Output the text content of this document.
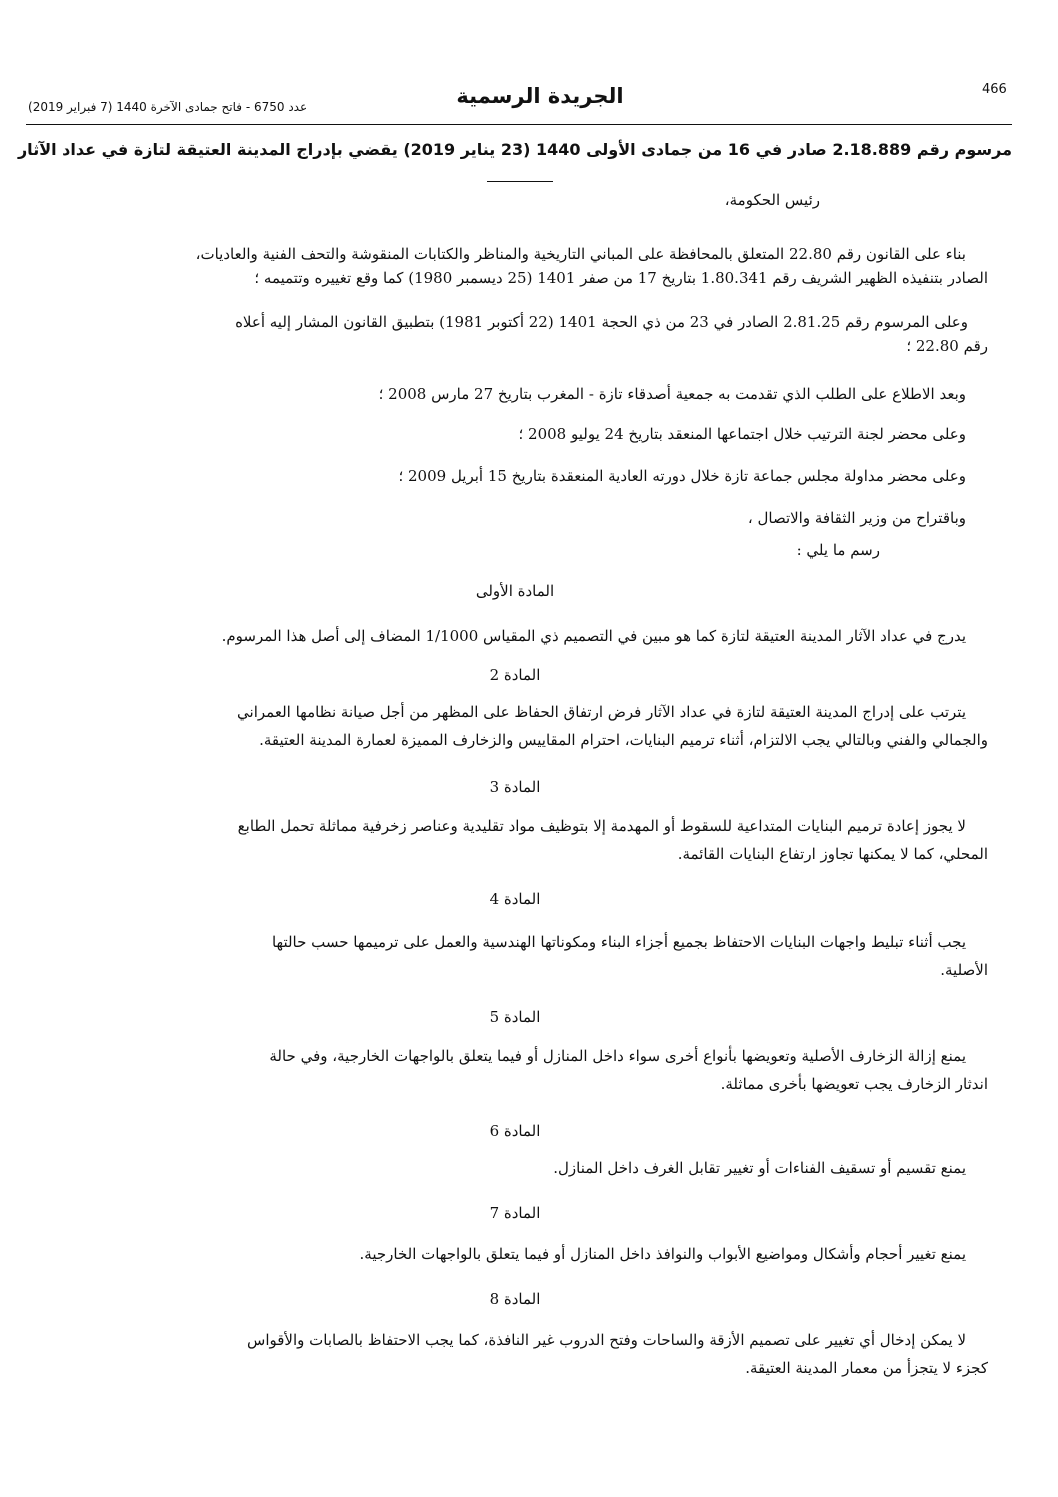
466
الجريدة الرسمية
عدد 6750 - فاتح جمادى الآخرة 1440 (7 فبراير 2019)
مرسوم رقم 2.18.889 صادر في 16 من جمادى الأولى 1440 (23 يناير 2019) يقضي بإدراج المدينة العتيقة لتازة في عداد الآثار
رئيس الحكومة،
بناء على القانون رقم 22.80 المتعلق بالمحافظة على المباني التاريخية والمناظر والكتابات المنقوشة والتحف الفنية والعاديات،
الصادر بتنفيذه الظهير الشريف رقم 1.80.341 بتاريخ 17 من صفر 1401 (25 ديسمبر 1980) كما وقع تغييره وتتميمه ؛
وعلى المرسوم رقم 2.81.25 الصادر في 23 من ذي الحجة 1401 (22 أكتوبر 1981) بتطبيق القانون المشار إليه أعلاه
رقم 22.80 ؛
وبعد الاطلاع على الطلب الذي تقدمت به جمعية أصدقاء تازة - المغرب بتاريخ 27 مارس 2008 ؛
وعلى محضر لجنة الترتيب خلال اجتماعها المنعقد بتاريخ 24 يوليو 2008 ؛
وعلى محضر مداولة مجلس جماعة تازة خلال دورته العادية المنعقدة بتاريخ 15 أبريل 2009 ؛
وباقتراح من وزير الثقافة والاتصال ،
رسم ما يلي :
المادة الأولى
يدرج في عداد الآثار المدينة العتيقة لتازة كما هو مبين في التصميم ذي المقياس 1/1000 المضاف إلى أصل هذا المرسوم.
المادة 2
يترتب على إدراج المدينة العتيقة لتازة في عداد الآثار فرض ارتفاق الحفاظ على المظهر من أجل صيانة نظامها العمراني
والجمالي والفني وبالتالي يجب الالتزام، أثناء ترميم البنايات، احترام المقاييس والزخارف المميزة لعمارة المدينة العتيقة.
المادة 3
لا يجوز إعادة ترميم البنايات المتداعية للسقوط أو المهدمة إلا بتوظيف مواد تقليدية وعناصر زخرفية مماثلة تحمل الطابع
المحلي، كما لا يمكنها تجاوز ارتفاع البنايات القائمة.
المادة 4
يجب أثناء تبليط واجهات البنايات الاحتفاظ بجميع أجزاء البناء ومكوناتها الهندسية والعمل على ترميمها حسب حالتها
الأصلية.
المادة 5
يمنع إزالة الزخارف الأصلية وتعويضها بأنواع أخرى سواء داخل المنازل أو فيما يتعلق بالواجهات الخارجية، وفي حالة
اندثار الزخارف يجب تعويضها بأخرى مماثلة.
المادة 6
يمنع تقسيم أو تسقيف الفناءات أو تغيير تقابل الغرف داخل المنازل.
المادة 7
يمنع تغيير أحجام وأشكال ومواضيع الأبواب والنوافذ داخل المنازل أو فيما يتعلق بالواجهات الخارجية.
المادة 8
لا يمكن إدخال أي تغيير على تصميم الأزقة والساحات وفتح الدروب غير النافذة، كما يجب الاحتفاظ بالصابات والأقواس
كجزء لا يتجزأ من معمار المدينة العتيقة.
